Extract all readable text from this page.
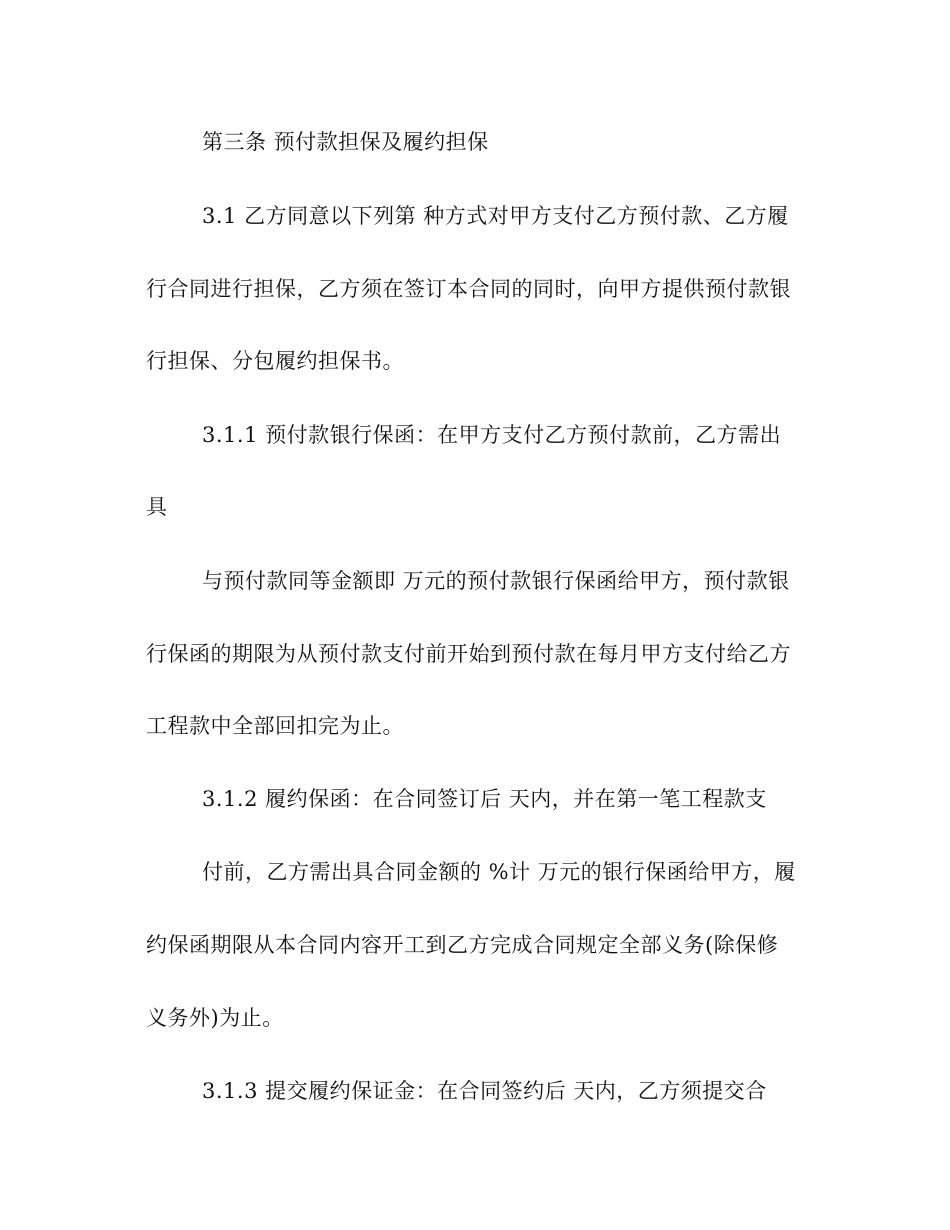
第三条 预付款担保及履约担保

3.1 乙方同意以下列第 种方式对甲方支付乙方预付款、乙方履

行合同进行担保，乙方须在签订本合同的同时，向甲方提供预付款银

行担保、分包履约担保书。

3.1.1 预付款银行保函：在甲方支付乙方预付款前，乙方需出

具

与预付款同等金额即 万元的预付款银行保函给甲方，预付款银

行保函的期限为从预付款支付前开始到预付款在每月甲方支付给乙方

工程款中全部回扣完为止。

3.1.2 履约保函：在合同签订后 天内，并在第一笔工程款支

付前，乙方需出具合同金额的 %计 万元的银行保函给甲方，履

约保函期限从本合同内容开工到乙方完成合同规定全部义务(除保修

义务外)为止。

3.1.3 提交履约保证金：在合同签约后 天内，乙方须提交合
